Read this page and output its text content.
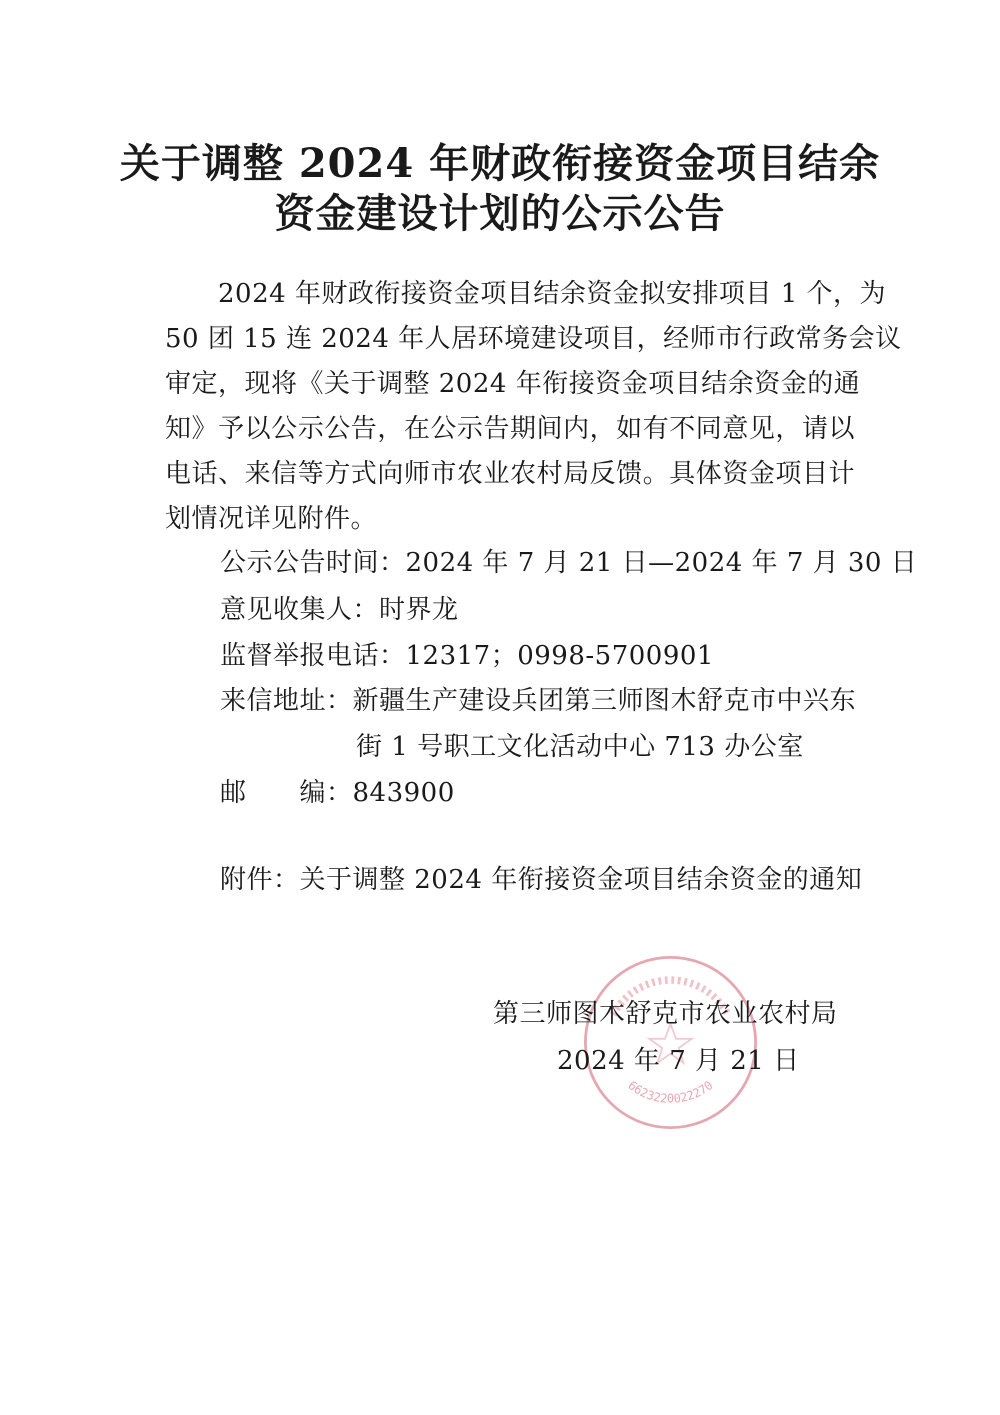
关于调整 2024 年财政衔接资金项目结余
资金建设计划的公示公告
2024 年财政衔接资金项目结余资金拟安排项目 1 个，为
50 团 15 连 2024 年人居环境建设项目，经师市行政常务会议
审定，现将《关于调整 2024 年衔接资金项目结余资金的通
知》予以公示公告，在公示告期间内，如有不同意见，请以
电话、来信等方式向师市农业农村局反馈。具体资金项目计
划情况详见附件。
公示公告时间：2024 年 7 月 21 日—2024 年 7 月 30 日
意见收集人：时界龙
监督举报电话：12317；0998-5700901
来信地址：新疆生产建设兵团第三师图木舒克市中兴东
街 1 号职工文化活动中心 713 办公室
邮　　编：843900
附件：关于调整 2024 年衔接资金项目结余资金的通知
6623220022270
第三师图木舒克市农业农村局
2024 年 7 月 21 日
